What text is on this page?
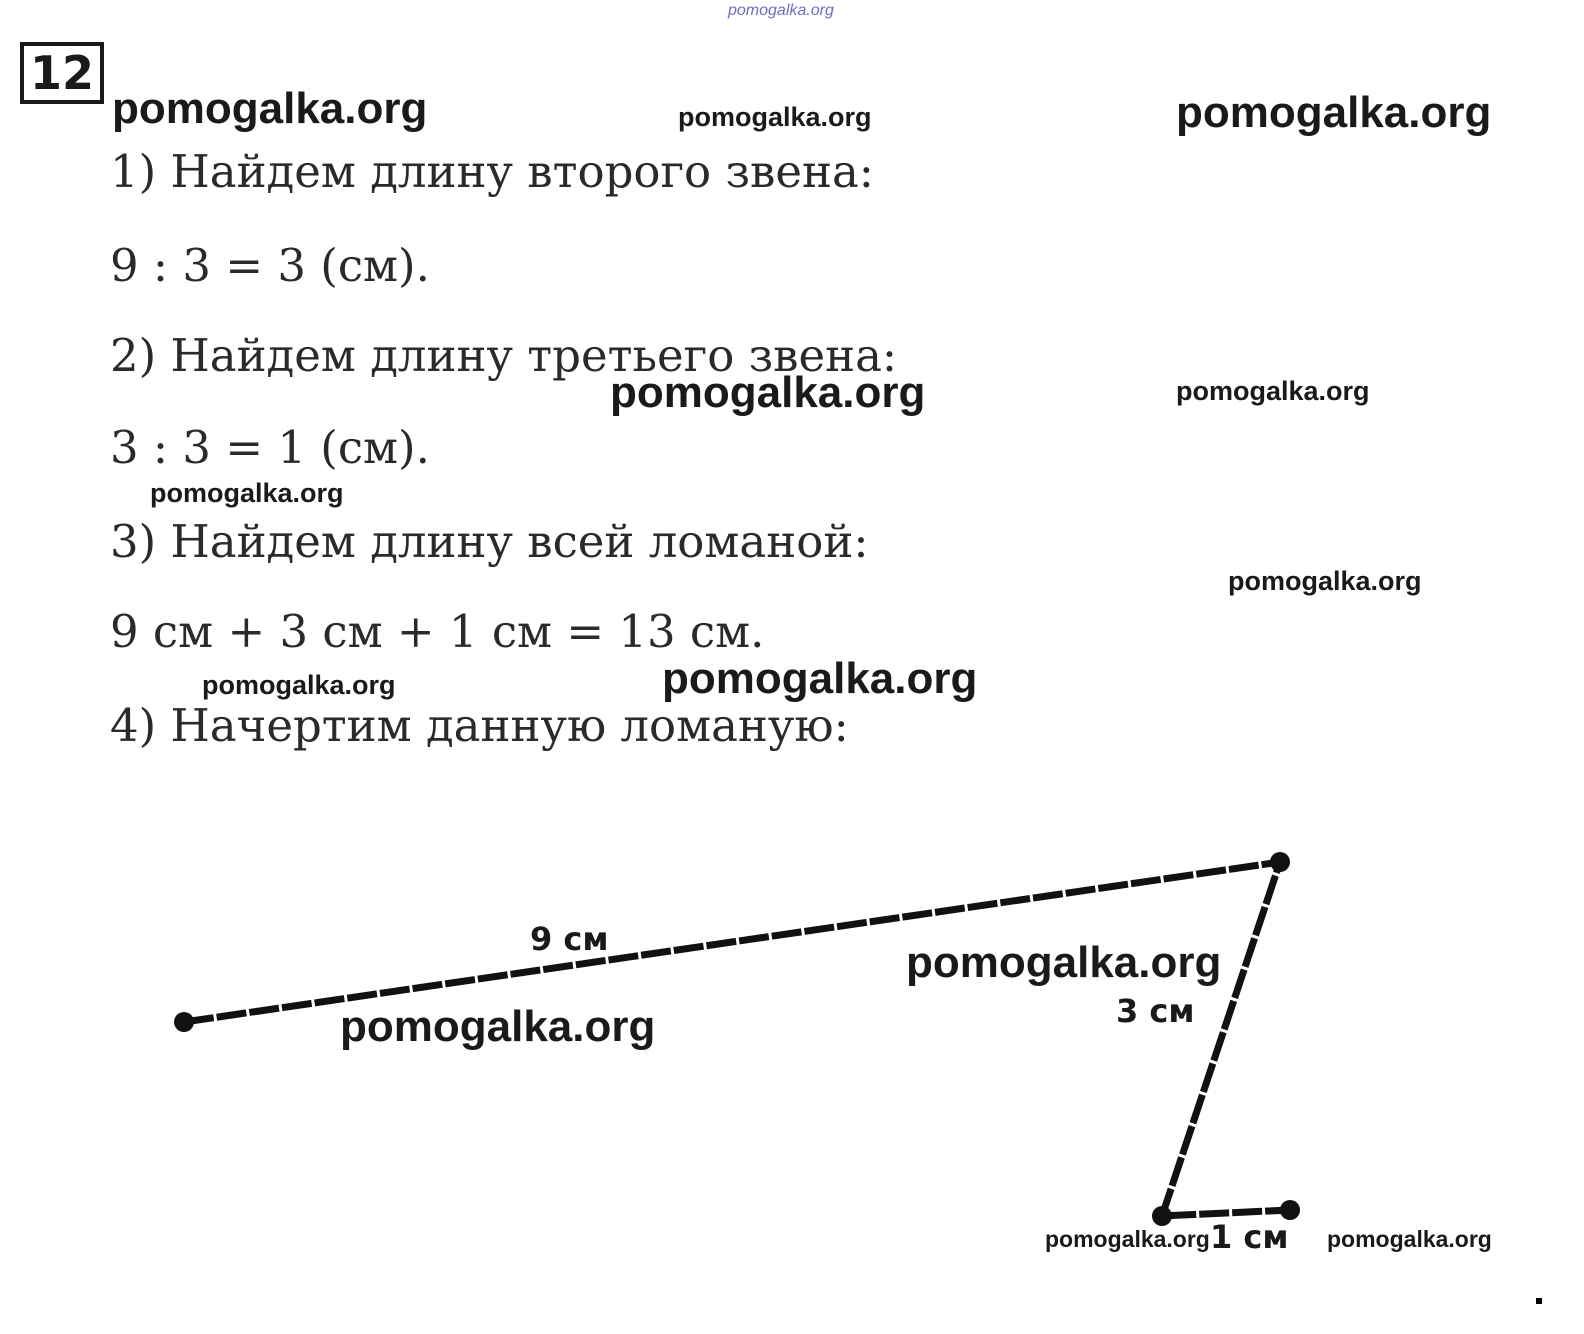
pomogalka.org
12
1) Найдем длину второго звена:
9 : 3 = 3 (см).
2) Найдем длину третьего звена:
3 : 3 = 1 (см).
3) Найдем длину всей ломаной:
9 см + 3 см + 1 см = 13 см.
4) Начертим данную ломаную:
9 см
3 см
1 см
pomogalka.org	pomogalka.org	pomogalka.org
pomogalka.org	pomogalka.org
pomogalka.org
pomogalka.org
pomogalka.org	pomogalka.org
pomogalka.org
pomogalka.org
pomogalka.org	pomogalka.org
